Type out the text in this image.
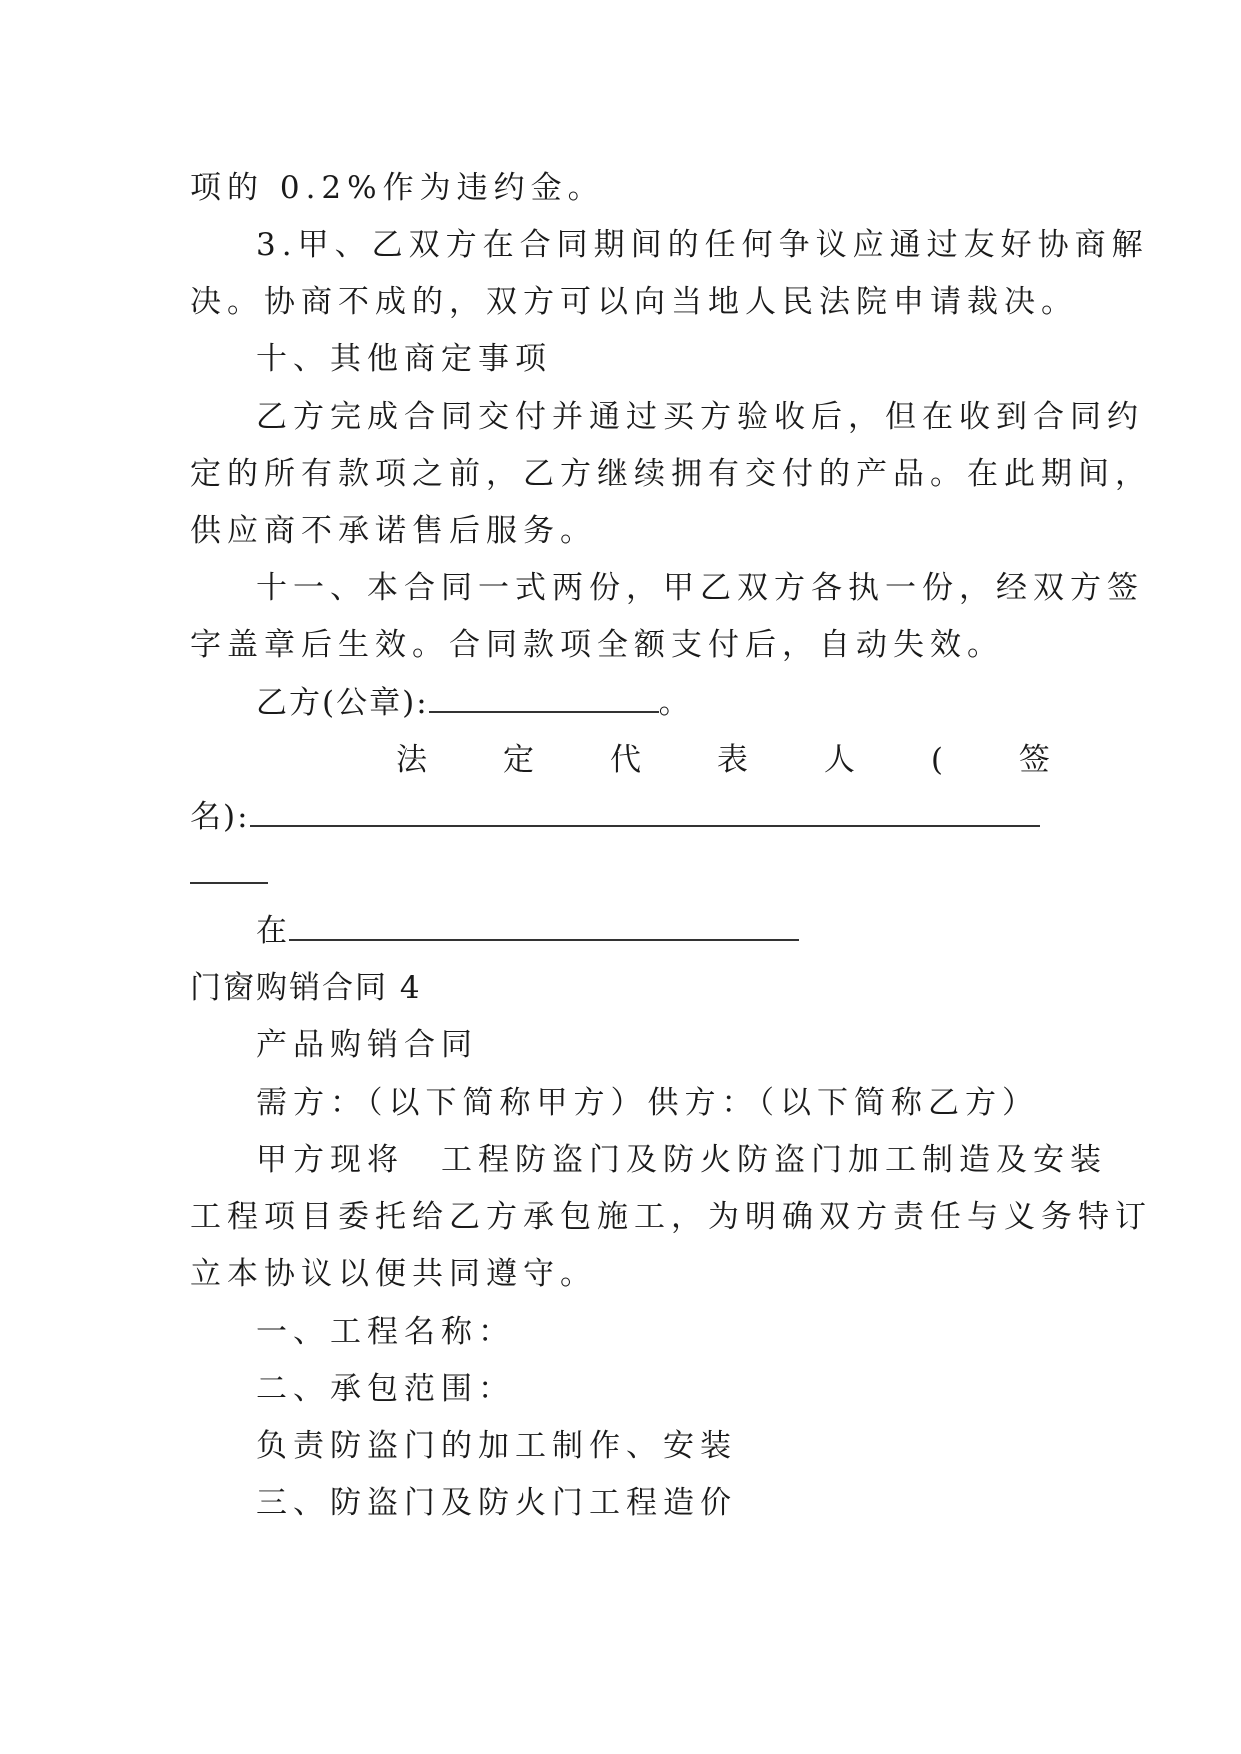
项的 0.2%作为违约金。
3.甲、乙双方在合同期间的任何争议应通过友好协商解
决。协商不成的，双方可以向当地人民法院申请裁决。
十、其他商定事项
乙方完成合同交付并通过买方验收后，但在收到合同约
定的所有款项之前，乙方继续拥有交付的产品。在此期间，
供应商不承诺售后服务。
十一、本合同一式两份，甲乙双方各执一份，经双方签
字盖章后生效。合同款项全额支付后，自动失效。
乙方(公章):	。
法 定 代 表 人 ( 签
名):
在
门窗购销合同 4
产品购销合同
需方：（以下简称甲方）供方：（以下简称乙方）
甲方现将　工程防盗门及防火防盗门加工制造及安装
工程项目委托给乙方承包施工，为明确双方责任与义务特订
立本协议以便共同遵守。
一、工程名称：
二、承包范围：
负责防盗门的加工制作、安装
三、防盗门及防火门工程造价
